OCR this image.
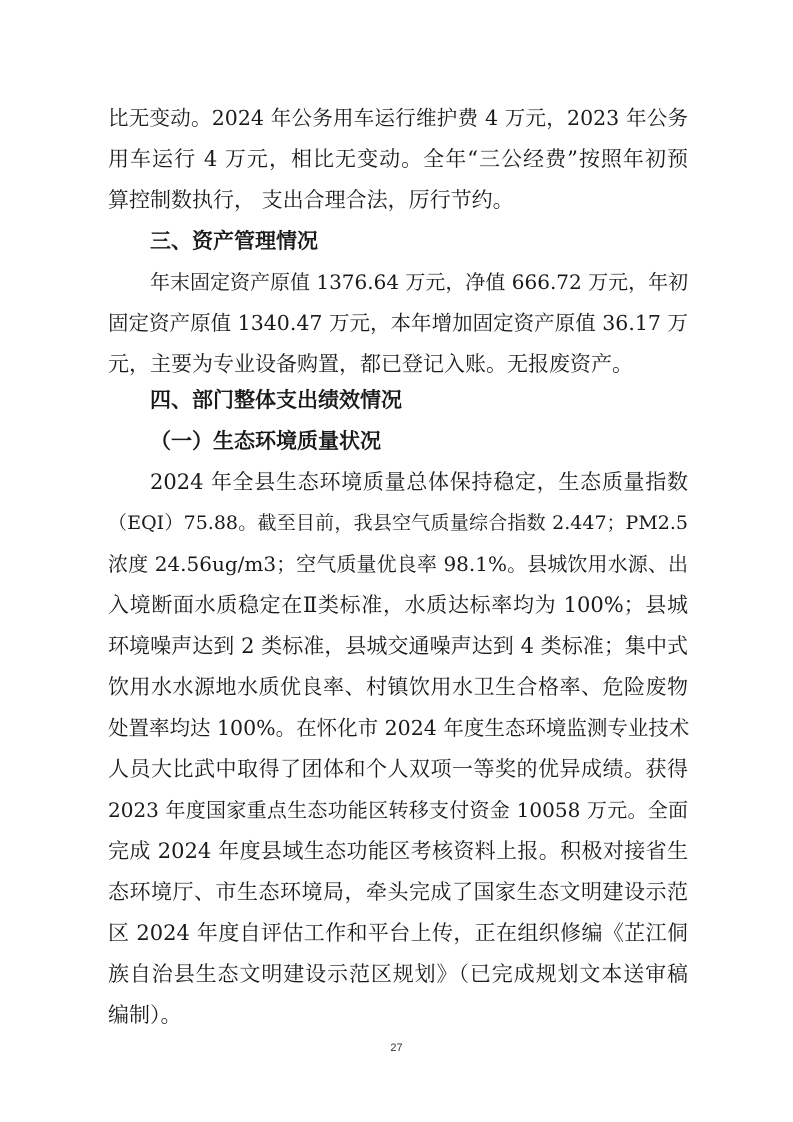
比无变动。2024 年公务用车运行维护费 4 万元，2023 年公务
用车运行 4 万元，相比无变动。全年“三公经费”按照年初预
算控制数执行， 支出合理合法，厉行节约。
三、资产管理情况
年末固定资产原值 1376.64 万元，净值 666.72 万元，年初
固定资产原值 1340.47 万元，本年增加固定资产原值 36.17 万
元，主要为专业设备购置，都已登记入账。无报废资产。
四、部门整体支出绩效情况
（一）生态环境质量状况
2024 年全县生态环境质量总体保持稳定，生态质量指数
（EQI）75.88。截至目前，我县空气质量综合指数 2.447；PM2.5
浓度 24.56ug/m3；空气质量优良率 98.1%。县城饮用水源、出
入境断面水质稳定在Ⅱ类标准，水质达标率均为 100%；县城
环境噪声达到 2 类标准，县城交通噪声达到 4 类标准；集中式
饮用水水源地水质优良率、村镇饮用水卫生合格率、危险废物
处置率均达 100%。在怀化市 2024 年度生态环境监测专业技术
人员大比武中取得了团体和个人双项一等奖的优异成绩。获得
2023 年度国家重点生态功能区转移支付资金 10058 万元。全面
完成 2024 年度县域生态功能区考核资料上报。积极对接省生
态环境厅、市生态环境局，牵头完成了国家生态文明建设示范
区 2024 年度自评估工作和平台上传，正在组织修编《芷江侗
族自治县生态文明建设示范区规划》（已完成规划文本送审稿
编制）。
27
